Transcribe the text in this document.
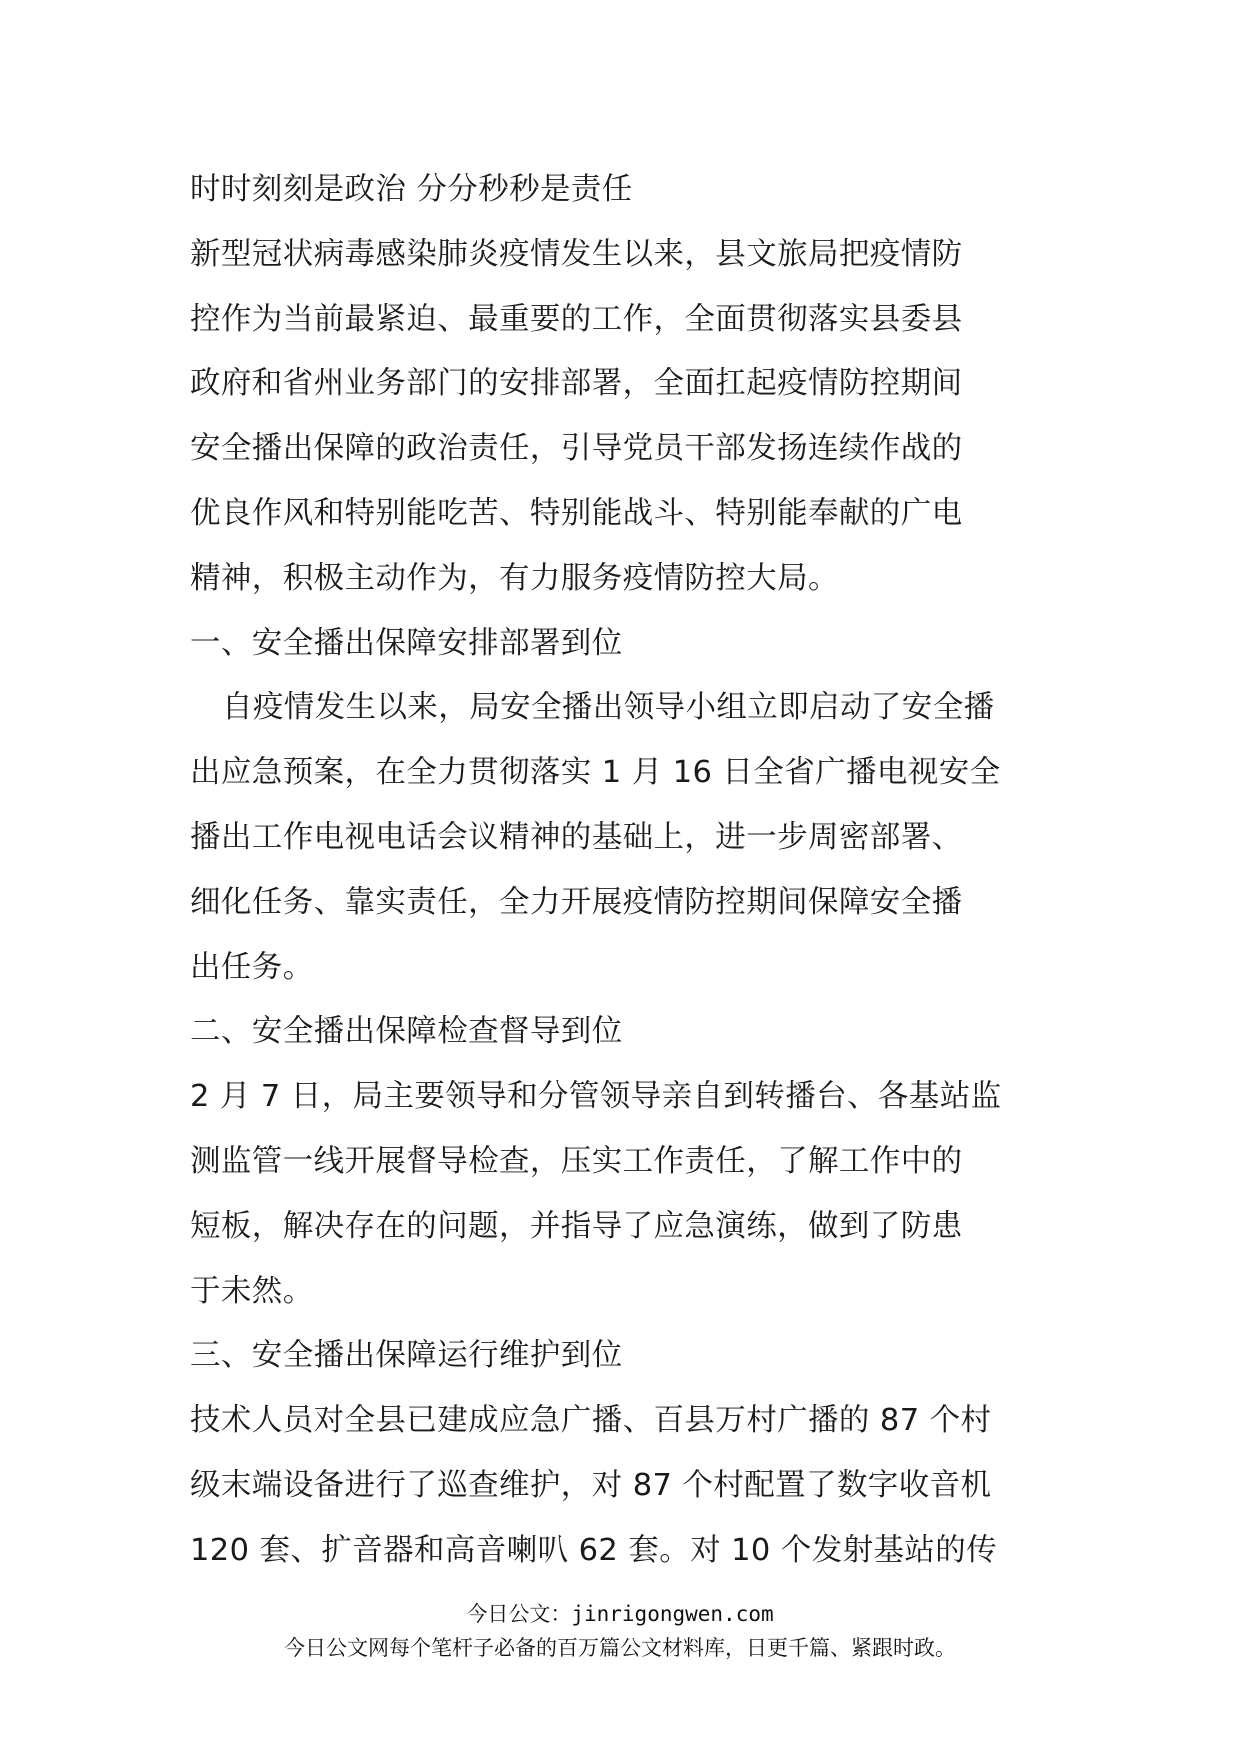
时时刻刻是政治 分分秒秒是责任
新型冠状病毒感染肺炎疫情发生以来，县文旅局把疫情防
控作为当前最紧迫、最重要的工作，全面贯彻落实县委县
政府和省州业务部门的安排部署，全面扛起疫情防控期间
安全播出保障的政治责任，引导党员干部发扬连续作战的
优良作风和特别能吃苦、特别能战斗、特别能奉献的广电
精神，积极主动作为，有力服务疫情防控大局。
一、安全播出保障安排部署到位
自疫情发生以来，局安全播出领导小组立即启动了安全播
出应急预案，在全力贯彻落实 1 月 16 日全省广播电视安全
播出工作电视电话会议精神的基础上，进一步周密部署、
细化任务、靠实责任，全力开展疫情防控期间保障安全播
出任务。
二、安全播出保障检查督导到位
2 月 7 日，局主要领导和分管领导亲自到转播台、各基站监
测监管一线开展督导检查，压实工作责任，了解工作中的
短板，解决存在的问题，并指导了应急演练，做到了防患
于未然。
三、安全播出保障运行维护到位
技术人员对全县已建成应急广播、百县万村广播的 87 个村
级末端设备进行了巡查维护，对 87 个村配置了数字收音机
120 套、扩音器和高音喇叭 62 套。对 10 个发射基站的传
今日公文：jinrigongwen.com
今日公文网每个笔杆子必备的百万篇公文材料库，日更千篇、紧跟时政。
